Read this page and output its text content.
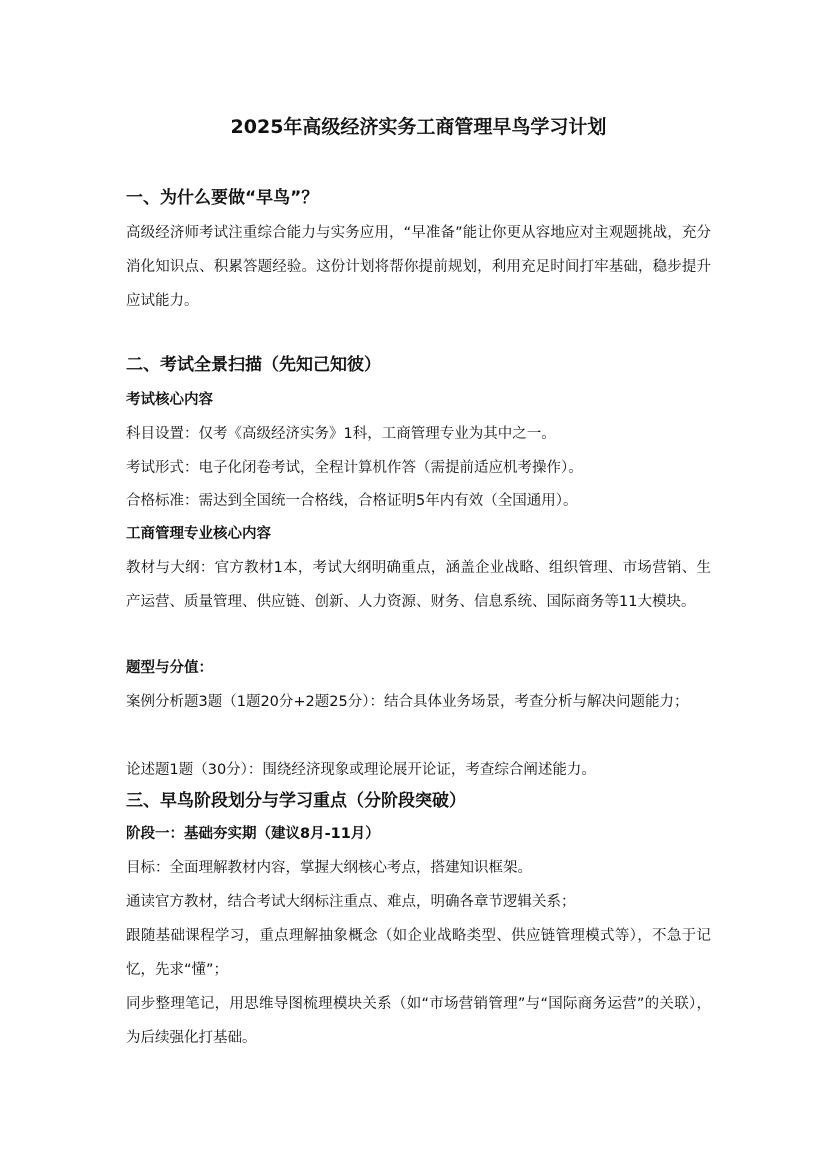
2025年高级经济实务工商管理早鸟学习计划
一、为什么要做“早鸟”？
高级经济师考试注重综合能力与实务应用，“早准备”能让你更从容地应对主观题挑战，充分消化知识点、积累答题经验。这份计划将帮你提前规划，利用充足时间打牢基础，稳步提升应试能力。
二、考试全景扫描（先知己知彼）
考试核心内容
科目设置：仅考《高级经济实务》1科，工商管理专业为其中之一。
考试形式：电子化闭卷考试，全程计算机作答（需提前适应机考操作）。
合格标准：需达到全国统一合格线，合格证明5年内有效（全国通用）。
工商管理专业核心内容
教材与大纲：官方教材1本，考试大纲明确重点，涵盖企业战略、组织管理、市场营销、生产运营、质量管理、供应链、创新、人力资源、财务、信息系统、国际商务等11大模块。
题型与分值：
案例分析题3题（1题20分+2题25分）：结合具体业务场景，考查分析与解决问题能力；
论述题1题（30分）：围绕经济现象或理论展开论证，考查综合阐述能力。
三、早鸟阶段划分与学习重点（分阶段突破）
阶段一：基础夯实期（建议8月-11月）
目标：全面理解教材内容，掌握大纲核心考点，搭建知识框架。
通读官方教材，结合考试大纲标注重点、难点，明确各章节逻辑关系；
跟随基础课程学习，重点理解抽象概念（如企业战略类型、供应链管理模式等），不急于记忆，先求“懂”；
同步整理笔记，用思维导图梳理模块关系（如“市场营销管理”与“国际商务运营”的关联），为后续强化打基础。
